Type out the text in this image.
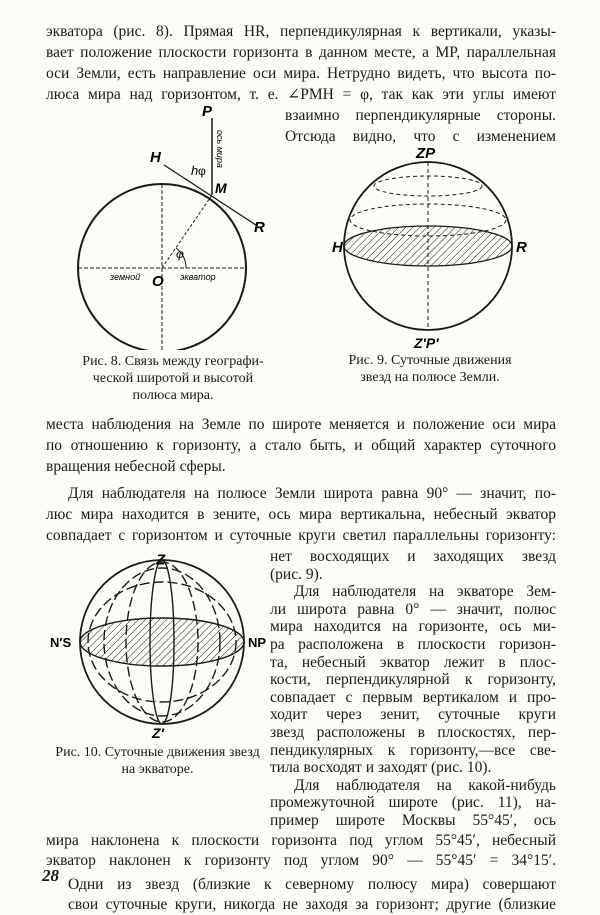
экватора (рис. 8). Прямая HR, перпендикулярная к вертикали, указы-
вает положение плоскости горизонта в данном месте, а MP, параллельная
оси Земли, есть направление оси мира. Нетрудно видеть, что высота по-
люса мира над горизонтом, т. е. ∠PMH = φ, так как эти углы имеют
взаимно перпендикулярные стороны.
Отсюда видно, что с изменением
P
H
h φ
M
R
φ
O
ось мира
земной	экватор
Рис. 8. Связь между географи-
ческой широтой и высотой
полюса мира.
ZP
H	R
Z′P′
Рис. 9. Суточные движения
звезд на полюсе Земли.
места наблюдения на Земле по широте меняется и положение оси мира
по отношению к горизонту, а стало быть, и общий характер суточного
вращения небесной сферы.
Для наблюдателя на полюсе Земли широта равна 90° — значит, по-
люс мира находится в зените, ось мира вертикальна, небесный экватор
совпадает с горизонтом и суточные круги светил параллельны горизонту:
нет восходящих и заходящих звезд
(рис. 9).
Для наблюдателя на экваторе Зем-
ли широта равна 0° — значит, полюс
мира находится на горизонте, ось ми-
ра расположена в плоскости горизон-
та, небесный экватор лежит в плос-
кости, перпендикулярной к горизонту,
совпадает с первым вертикалом и про-
ходит через зенит, суточные круги
звезд расположены в плоскостях, пер-
пендикулярных к горизонту,—все све-
тила восходят и заходят (рис. 10).
Z
Z′
N′S	NP
Рис. 10. Суточные движения звезд
на экваторе.
Для наблюдателя на какой-нибудь
промежуточной широте (рис. 11), на-
пример широте Москвы 55°45′, ось
мира наклонена к плоскости горизонта под углом 55°45′, небесный
экватор наклонен к горизонту под углом 90° — 55°45′ = 34°15′.
Одни из звезд (близкие к северному полюсу мира) совершают
свои суточные круги, никогда не заходя за горизонт; другие (близкие
28
